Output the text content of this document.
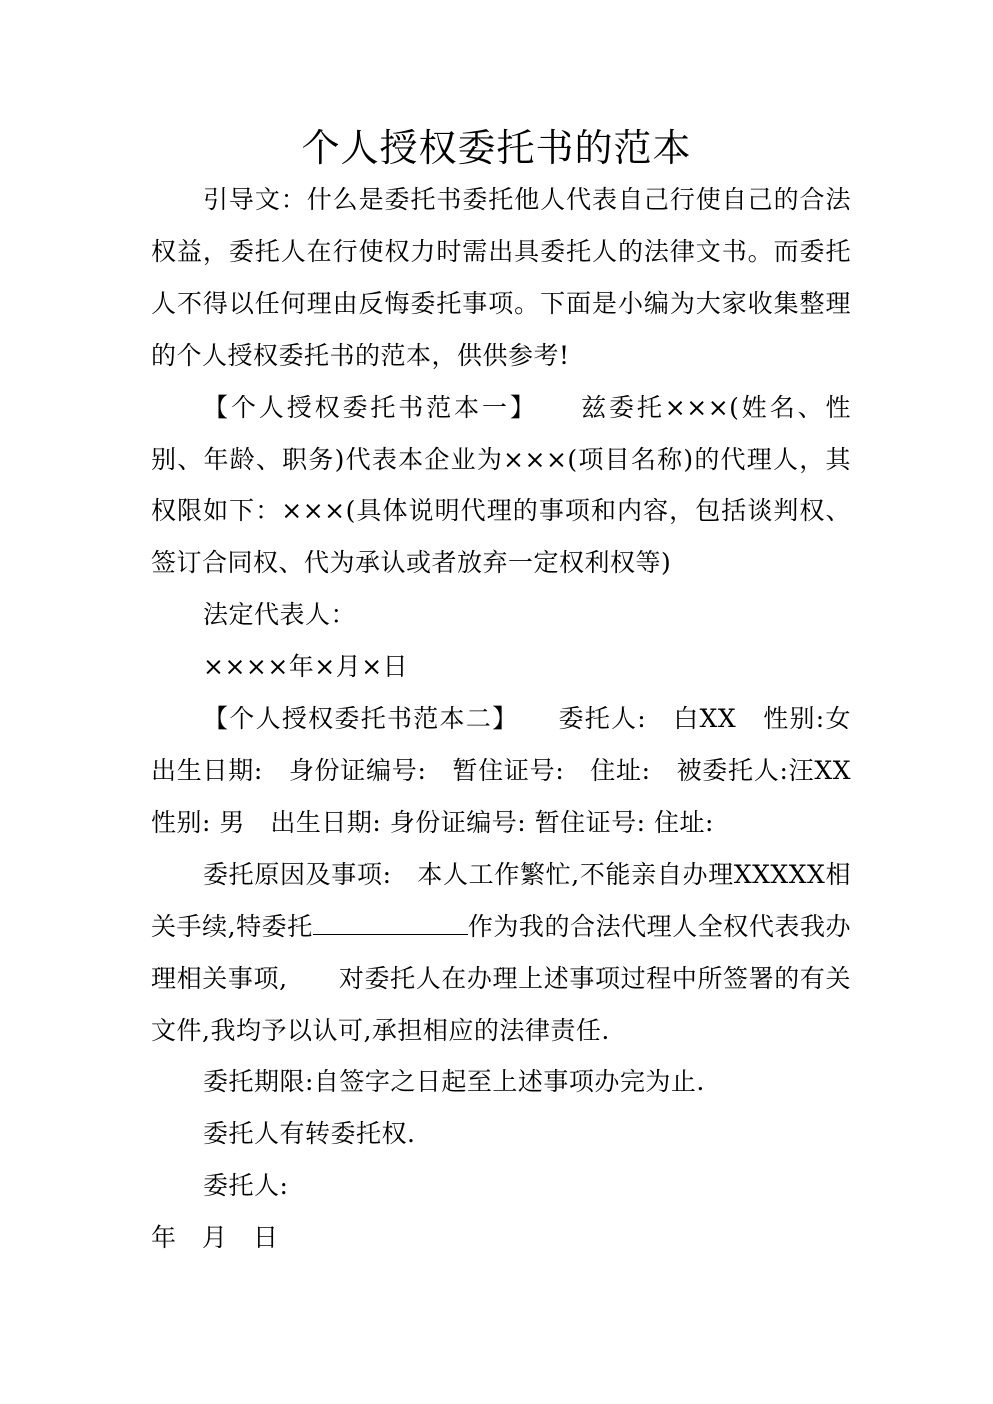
个人授权委托书的范本

引导文：什么是委托书委托他人代表自己行使自己的合法权益，委托人在行使权力时需出具委托人的法律文书。而委托人不得以任何理由反悔委托事项。下面是小编为大家收集整理的个人授权委托书的范本，供供参考!

【个人授权委托书范本一】　　兹委托×××(姓名、性别、年龄、职务)代表本企业为×××(项目名称)的代理人，其权限如下：×××(具体说明代理的事项和内容，包括谈判权、签订合同权、代为承认或者放弃一定权利权等)

法定代表人：

××××年×月×日

【个人授权委托书范本二】　　委托人:　白XX　性别:女　出生日期:　身份证编号:　暂住证号:　住址:　被委托人:汪XX 性别: 男　出生日期: 身份证编号: 暂住证号: 住址:

委托原因及事项:　本人工作繁忙,不能亲自办理XXXXX相关手续,特委托	作为我的合法代理人全权代表我办理相关事项,　　对委托人在办理上述事项过程中所签署的有关文件,我均予以认可,承担相应的法律责任.

委托期限:自签字之日起至上述事项办完为止.

委托人有转委托权.

委托人:

年　月　日
